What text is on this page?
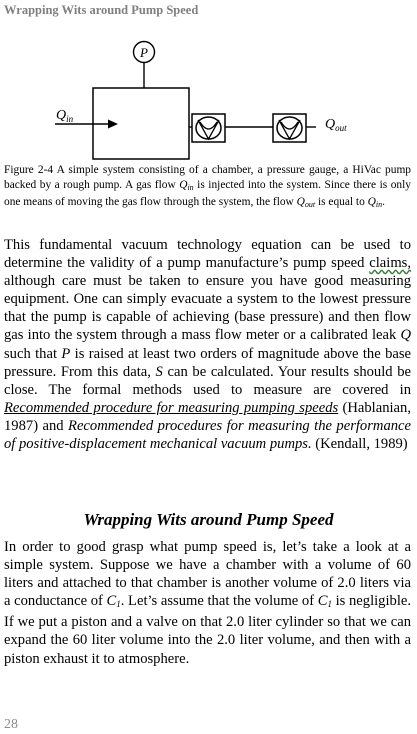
Wrapping Wits around Pump Speed
P
$Q_{in}$	$Q_{out}$
Figure 2-4 A simple system consisting of a chamber, a pressure gauge, a HiVac pump backed by a rough pump. A gas flow $Q_{in}$ is injected into the system. Since there is only one means of moving the gas flow through the system, the flow $Q_{out}$ is equal to $Q_{in}$.
This fundamental vacuum technology equation can be used to determine the validity of a pump manufacture’s pump speed claims, although care must be taken to ensure you have good measuring equipment. One can simply evacuate a system to the lowest pressure that the pump is capable of achieving (base pressure) and then flow gas into the system through a mass flow meter or a calibrated leak Q such that P is raised at least two orders of magnitude above the base pressure. From this data, S can be calculated. Your results should be close. The formal methods used to measure are covered in Recommended procedure for measuring pumping speeds (Hablanian, 1987) and Recommended procedures for measuring the performance of positive-displacement mechanical vacuum pumps. (Kendall, 1989)
Wrapping Wits around Pump Speed
In order to good grasp what pump speed is, let’s take a look at a simple system. Suppose we have a chamber with a volume of 60 liters and attached to that chamber is another volume of 2.0 liters via a conductance of C1. Let’s assume that the volume of C1 is negligible. If we put a piston and a valve on that 2.0 liter cylinder so that we can expand the 60 liter volume into the 2.0 liter volume, and then with a piston exhaust it to atmosphere.
28
